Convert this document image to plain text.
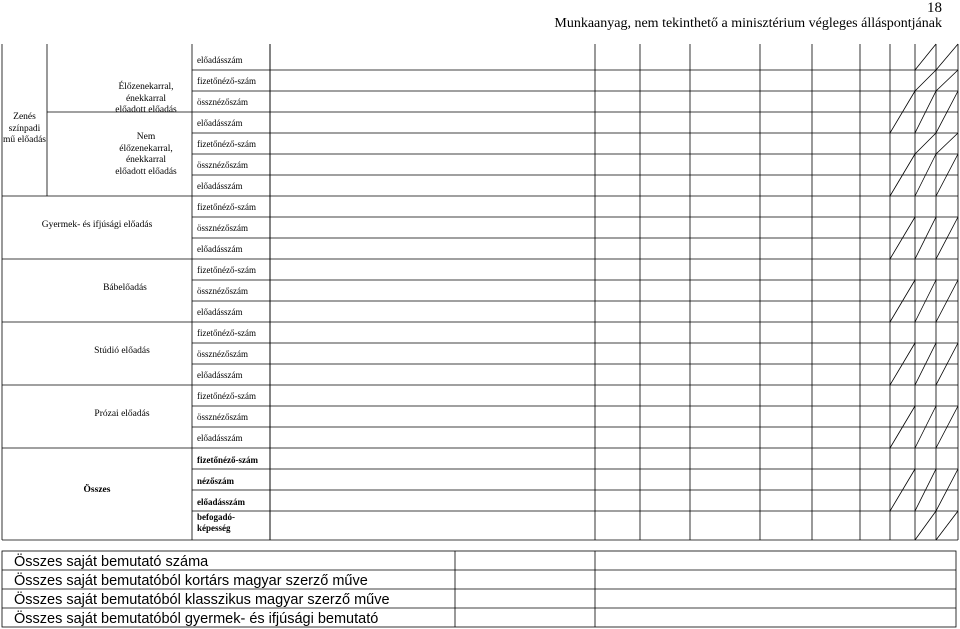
18
Munkaanyag, nem tekinthető a minisztérium végleges álláspontjának
Zenés színpadi mű előadás
Élőzenekarral, énekkarral előadott előadás
Nem élőzenekarral, énekkarral előadott előadás
Gyermek- és ifjúsági előadás
Bábelőadás
Stúdió előadás
Prózai előadás
Összes
előadásszám
fizetőnéző-szám
össznézőszám
előadásszám
fizetőnéző-szám
össznézőszám
előadásszám
fizetőnéző-szám
össznézőszám
előadásszám
fizetőnéző-szám
össznézőszám
előadásszám
fizetőnéző-szám
össznézőszám
előadásszám
fizetőnéző-szám
össznézőszám
előadásszám
fizetőnéző-szám
nézőszám
előadásszám
befogadó-képesség
Összes saját bemutató száma
Összes saját bemutatóból kortárs magyar szerző műve
Összes saját bemutatóból klasszikus magyar szerző műve
Összes saját bemutatóból gyermek- és ifjúsági bemutató
